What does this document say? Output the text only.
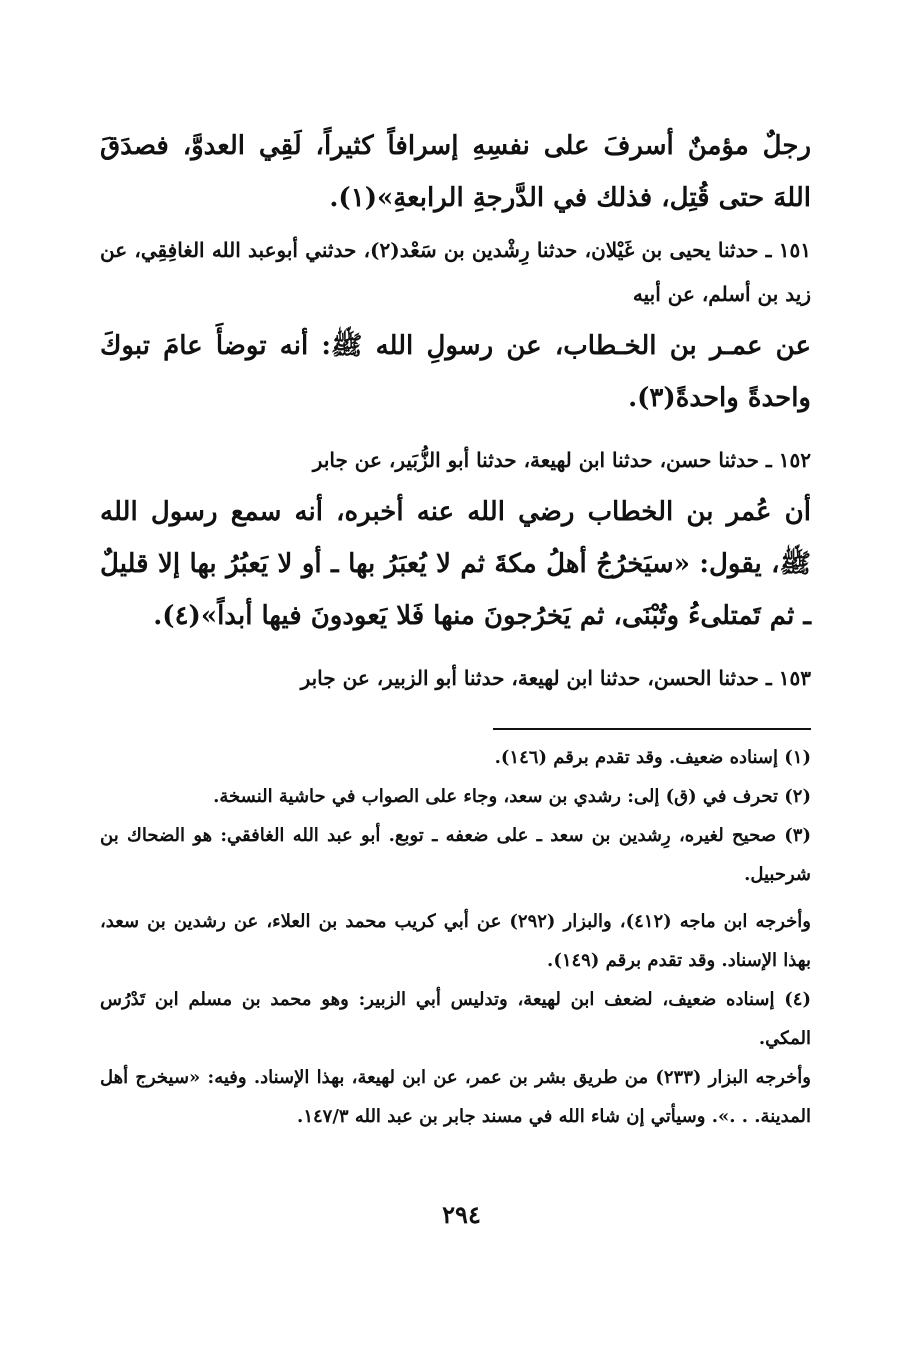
رجلٌ مؤمنٌ أسرفَ على نفسِهِ إسرافاً كثيراً، لَقِي العدوَّ، فصدَقَ اللهَ حتى قُتِل، فذلك في الدَّرجةِ الرابعةِ»(١).

١٥١ ـ حدثنا يحيى بن غَيْلان، حدثنا رِشْدين بن سَعْد(٢)، حدثني أبوعبد الله الغافِقِي، عن زيد بن أسلم، عن أبيه

عن عمـر بن الخـطاب، عن رسولِ الله ﷺ: أنه توضأَ عامَ تبوكَ واحدةً واحدةً(٣).

١٥٢ ـ حدثنا حسن، حدثنا ابن لهيعة، حدثنا أبو الزُّبَير، عن جابر

أن عُمر بن الخطاب رضي الله عنه أخبره، أنه سمع رسول الله ﷺ، يقول: «سيَخرُجُ أهلُ مكةَ ثم لا يُعبَرُ بها ـ أو لا يَعبُرُ بها إلا قليلٌ ـ ثم تَمتلىءُ وتُبْنَى، ثم يَخرُجونَ منها فَلا يَعودونَ فيها أبداً»(٤).

١٥٣ ـ حدثنا الحسن، حدثنا ابن لهيعة، حدثنا أبو الزبير، عن جابر

(١) إسناده ضعيف. وقد تقدم برقم (١٤٦).

(٢) تحرف في (ق) إلى: رشدي بن سعد، وجاء على الصواب في حاشية النسخة.

(٣) صحيح لغيره، رِشدين بن سعد ـ على ضعفه ـ توبع. أبو عبد الله الغافقي: هو الضحاك بن شرحبيل.

وأخرجه ابن ماجه (٤١٢)، والبزار (٢٩٢) عن أبي كريب محمد بن العلاء، عن رشدين بن سعد، بهذا الإسناد. وقد تقدم برقم (١٤٩).

(٤) إسناده ضعيف، لضعف ابن لهيعة، وتدليس أبي الزبير: وهو محمد بن مسلم ابن تَدْرُس المكي.

وأخرجه البزار (٢٣٣) من طريق بشر بن عمر، عن ابن لهيعة، بهذا الإسناد. وفيه: «سيخرج أهل المدينة. . .». وسيأتي إن شاء الله في مسند جابر بن عبد الله ١٤٧/٣.

٢٩٤
